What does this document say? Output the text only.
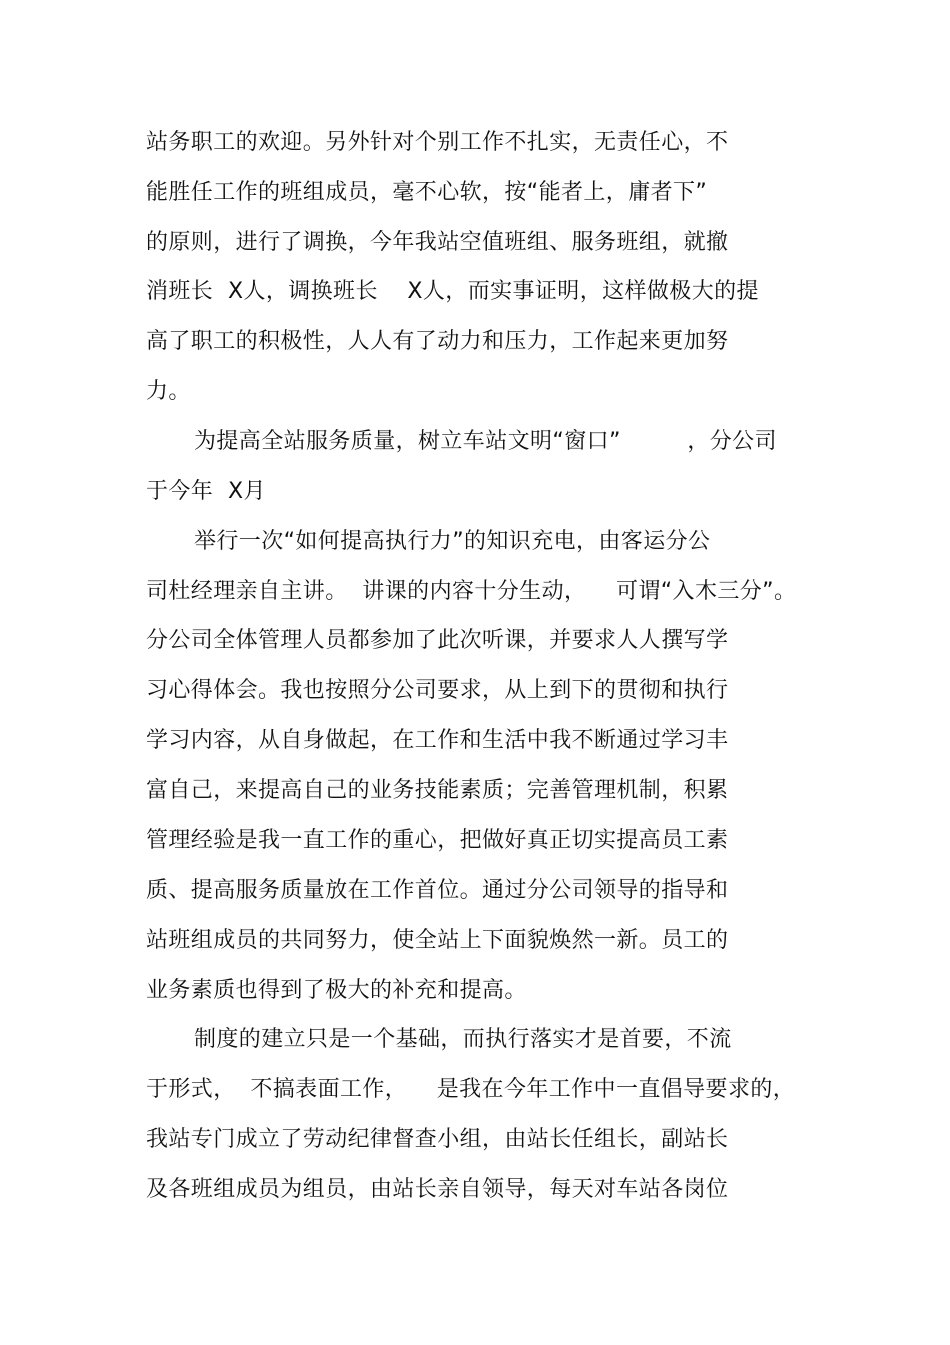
站务职工的欢迎。另外针对个别工作不扎实，无责任心，不
能胜任工作的班组成员，毫不心软，按“能者上，庸者下”
的原则，进行了调换，今年我站空值班组、服务班组，就撤
消班长  X人，调换班长    X人，而实事证明，这样做极大的提
高了职工的积极性，人人有了动力和压力，工作起来更加努
力。
为提高全站服务质量，树立车站文明“窗口”         ，分公司
于今年  X月
举行一次“如何提高执行力”的知识充电，由客运分公
司杜经理亲自主讲。  讲课的内容十分生动，    可谓“入木三分”。
分公司全体管理人员都参加了此次听课，并要求人人撰写学
习心得体会。我也按照分公司要求，从上到下的贯彻和执行
学习内容，从自身做起，在工作和生活中我不断通过学习丰
富自己，来提高自己的业务技能素质；完善管理机制，积累
管理经验是我一直工作的重心，把做好真正切实提高员工素
质、提高服务质量放在工作首位。通过分公司领导的指导和
站班组成员的共同努力，使全站上下面貌焕然一新。员工的
业务素质也得到了极大的补充和提高。
制度的建立只是一个基础，而执行落实才是首要，不流
于形式，  不搞表面工作，    是我在今年工作中一直倡导要求的，
我站专门成立了劳动纪律督查小组，由站长任组长，副站长
及各班组成员为组员，由站长亲自领导，每天对车站各岗位
